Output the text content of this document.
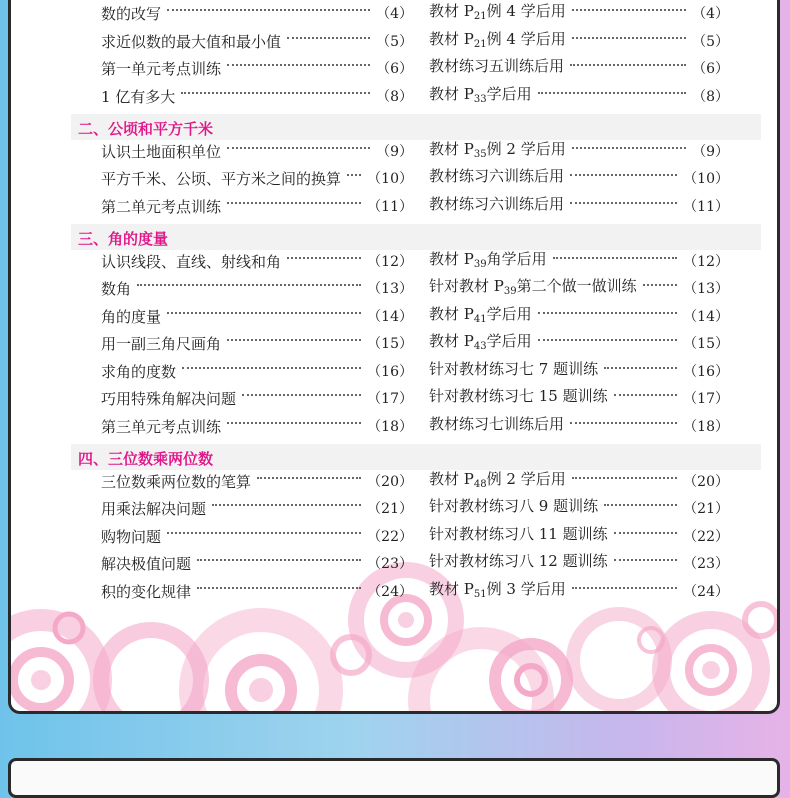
数的改写	（4） 教材 $P_{21}$例 4 学后用	（4）
求近似数的最大值和最小值	（5） 教材 $P_{21}$例 4 学后用	（5）
第一单元考点训练	（6） 教材练习五训练后用	（6）
1 亿有多大	（8） 教材 $P_{33}$学后用	（8）
二、公顷和平方千米
认识土地面积单位	（9） 教材 $P_{35}$例 2 学后用	（9）
平方千米、公顷、平方米之间的换算 （10） 教材练习六训练后用	（10）
第二单元考点训练	（11） 教材练习六训练后用	（11）
三、角的度量
认识线段、直线、射线和角	（12） 教材 $P_{39}$角学后用	（12）
数角	（13） 针对教材 $P_{39}$第二个做一做训练	（13）
角的度量	（14） 教材 $P_{41}$学后用	（14）
用一副三角尺画角	（15） 教材 $P_{43}$学后用	（15）
求角的度数	（16） 针对教材练习七 7 题训练	（16）
巧用特殊角解决问题	（17） 针对教材练习七 15 题训练	（17）
第三单元考点训练	（18） 教材练习七训练后用	（18）
四、三位数乘两位数
三位数乘两位数的笔算	（20） 教材 $P_{48}$例 2 学后用	（20）
用乘法解决问题	（21） 针对教材练习八 9 题训练	（21）
购物问题	（22） 针对教材练习八 11 题训练	（22）
解决极值问题	（23） 针对教材练习八 12 题训练	（23）
积的变化规律	（24） 教材 $P_{51}$例 3 学后用	（24）
